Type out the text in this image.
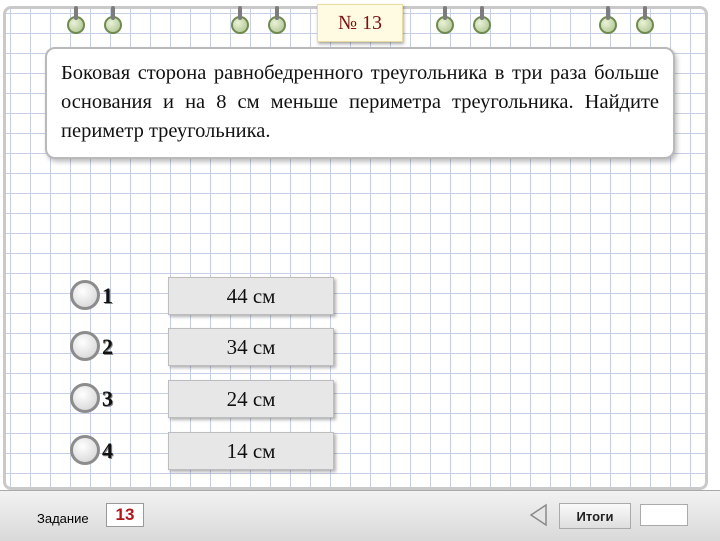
№ 13

Боковая сторона равнобедренного треугольника в три раза больше основания и на 8 см меньше периметра треугольника. Найдите периметр треугольника.

1	44 см
2	34 см
3	24 см
4	14 см
Задание	13	Итоги
